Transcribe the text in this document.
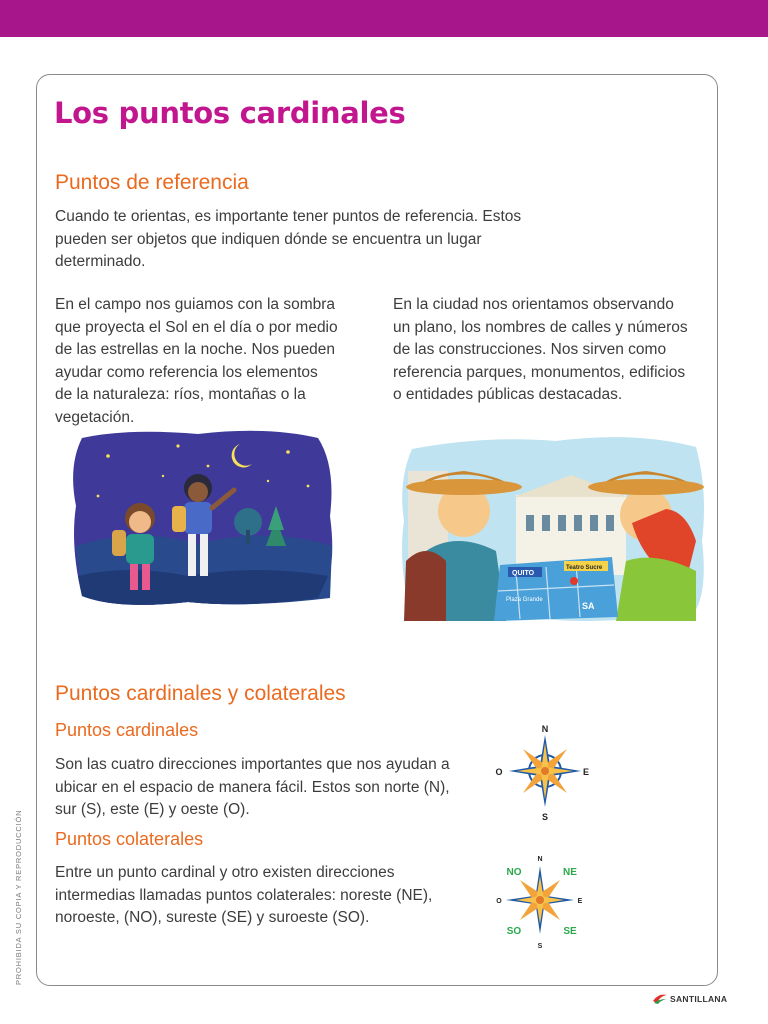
Los puntos cardinales
Puntos de referencia

Cuando te orientas, es importante tener puntos de referencia. Estos
pueden ser objetos que indiquen dónde se encuentra un lugar
determinado.

En el campo nos guiamos con la sombra
que proyecta el Sol en el día o por medio
de las estrellas en la noche. Nos pueden
ayudar como referencia los elementos
de la naturaleza: ríos, montañas o la
vegetación.

En la ciudad nos orientamos observando
un plano, los nombres de calles y números
de las construcciones. Nos sirven como
referencia parques, monumentos, edificios
o entidades públicas destacadas.

QUITO
Teatro Sucre
Plaza Grande
SA
Puntos cardinales y colaterales
Puntos cardinales

Son las cuatro direcciones importantes que nos ayudan a
ubicar en el espacio de manera fácil. Estos son norte (N),
sur (S), este (E) y oeste (O).

Puntos colaterales

Entre un punto cardinal y otro existen direcciones
intermedias llamadas puntos colaterales: noreste (NE),
noroeste, (NO), sureste (SE) y suroeste (SO).

N
S
E
O
N
S
E
O
NO	NE
SO	SE
PROHIBIDA SU COPIA Y REPRODUCCIÓN
SANTILLANA
